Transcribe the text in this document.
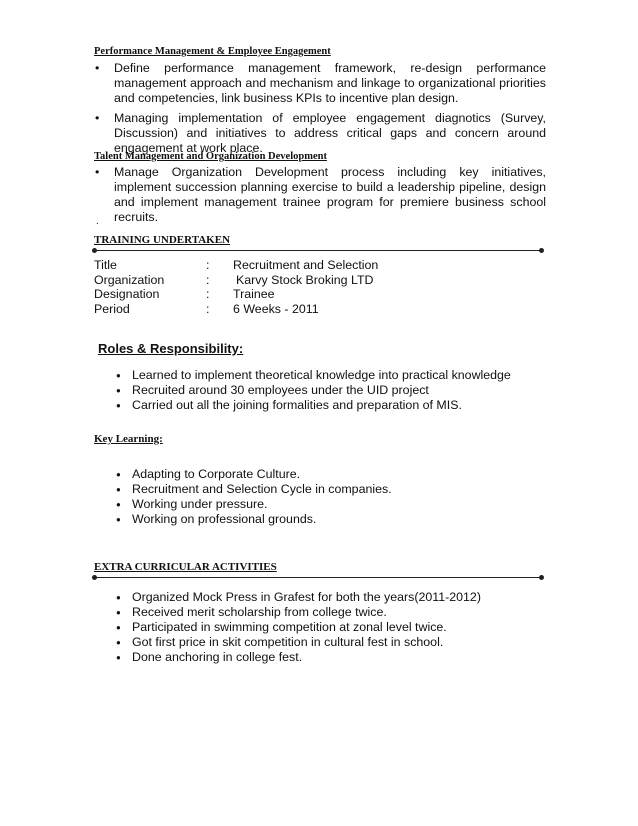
Performance Management & Employee Engagement
• Define performance management framework, re-design performance management approach and mechanism and linkage to organizational priorities and competencies, link business KPIs to incentive plan design.
• Managing implementation of employee engagement diagnotics (Survey, Discussion) and initiatives to address critical gaps and concern around engagement at work place.
Talent Management and Organization Development
• Manage Organization Development process including key initiatives, implement succession planning exercise to build a leadership pipeline, design and implement management trainee program for premiere business school recruits.
.
TRAINING UNDERTAKEN
Title	: Recruitment and Selection
Organization	: Karvy Stock Broking LTD
Designation	: Trainee
Period	: 6 Weeks - 2011
Roles & Responsibility:
● Learned to implement theoretical knowledge into practical knowledge
● Recruited around 30 employees under the UID project
● Carried out all the joining formalities and preparation of MIS.
Key Learning:
● Adapting to Corporate Culture.
● Recruitment and Selection Cycle in companies.
● Working under pressure.
● Working on professional grounds.
EXTRA CURRICULAR ACTIVITIES
● Organized Mock Press in Grafest for both the years(2011-2012)
● Received merit scholarship from college twice.
● Participated in swimming competition at zonal level twice.
● Got first price in skit competition in cultural fest in school.
● Done anchoring in college fest.
